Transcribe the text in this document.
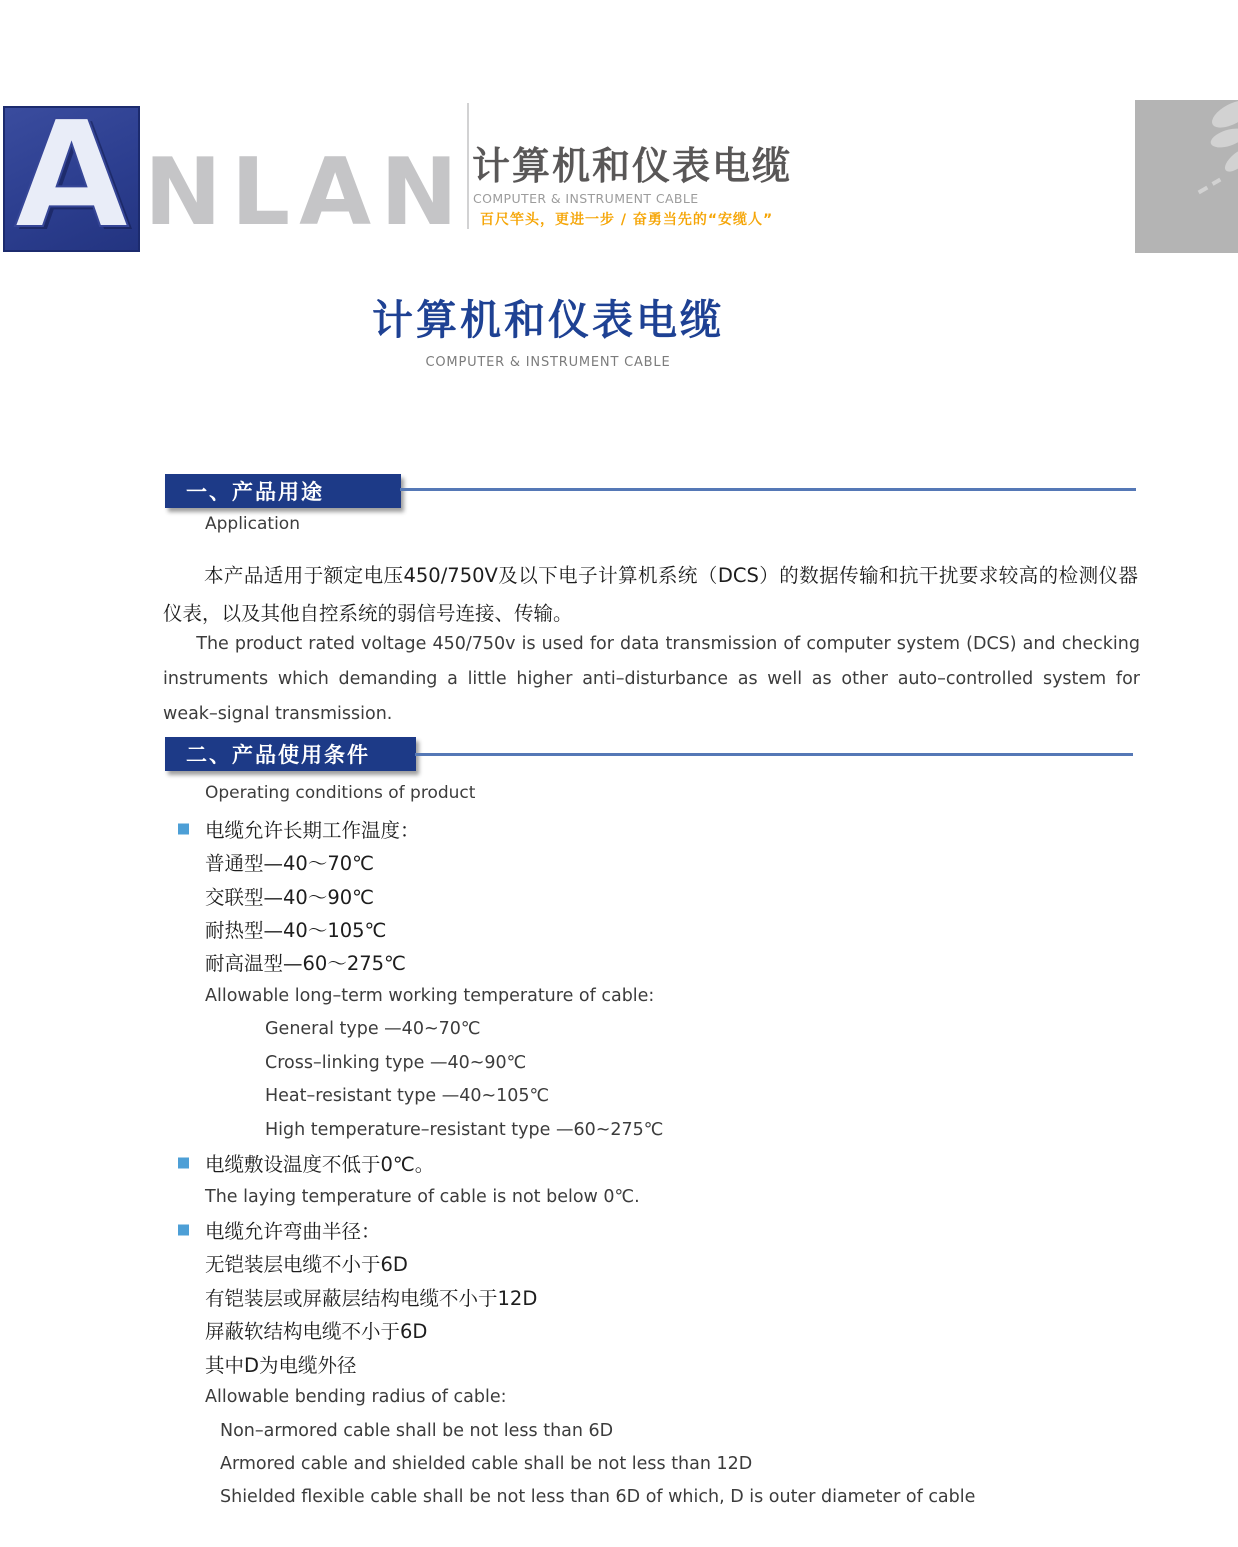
A NLAN 计算机和仪表电缆
COMPUTER & INSTRUMENT CABLE
百尺竿头，更进一步 / 奋勇当先的“安缆人”
计算机和仪表电缆
COMPUTER & INSTRUMENT CABLE
一、产品用途
Application
本产品适用于额定电压450/750V及以下电子计算机系统（DCS）的数据传输和抗干扰要求较高的检测仪器仪表，以及其他自控系统的弱信号连接、传输。
The product rated voltage 450/750v is used for data transmission of computer system (DCS) and checking instruments which demanding a little higher anti–disturbance as well as other auto–controlled system for weak–signal transmission.
二、产品使用条件
Operating conditions of product
电缆允许长期工作温度：
普通型—40～70℃
交联型—40～90℃
耐热型—40～105℃
耐高温型—60～275℃
Allowable long–term working temperature of cable:
General type —40~70℃
Cross–linking type —40~90℃
Heat–resistant type —40~105℃
High temperature–resistant type —60~275℃
电缆敷设温度不低于0℃。
The laying temperature of cable is not below 0℃.
电缆允许弯曲半径：
无铠装层电缆不小于6D
有铠装层或屏蔽层结构电缆不小于12D
屏蔽软结构电缆不小于6D
其中D为电缆外径
Allowable bending radius of cable:
Non–armored cable shall be not less than 6D
Armored cable and shielded cable shall be not less than 12D
Shielded flexible cable shall be not less than 6D of which, D is outer diameter of cable
